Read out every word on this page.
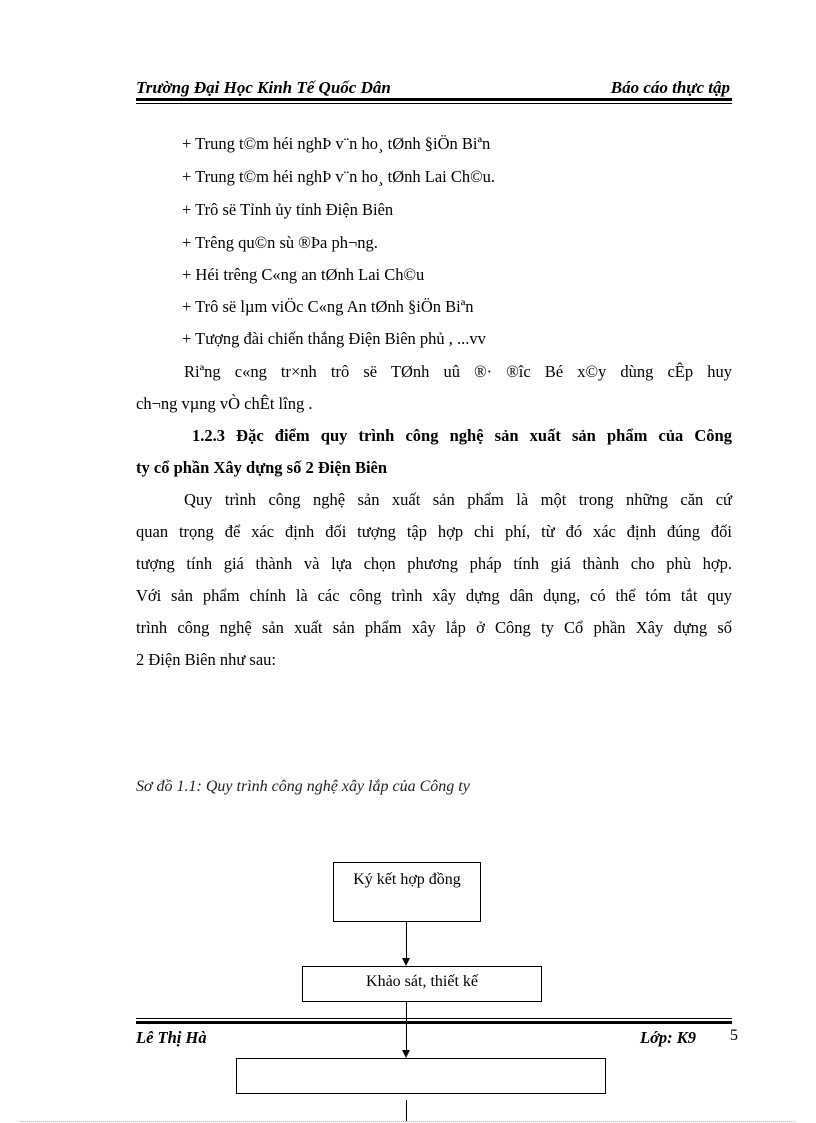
Trường Đại Học Kinh Tế Quốc Dân	Báo cáo thực tập
+ Trung t©m héi nghÞ v¨n ho¸ tØnh §iÖn Biªn
+ Trung t©m héi nghÞ v¨n ho¸ tØnh Lai Ch©u.
+ Trô së Tỉnh ủy tỉnh Điện Biên
+ Trêng qu©n sù ®Þa ph¬ng.
+ Héi trêng C«ng an tØnh Lai Ch©u
+ Trô së lµm viÖc C«ng An tØnh §iÖn Biªn
+ Tượng đài chiến thắng Điện Biên phủ , ...vv
Riªng c«ng tr×nh trô së TØnh uû ®· ®îc Bé x©y dùng cÊp huy
ch¬ng vµng vÒ chÊt lîng .
1.2.3 Đặc điểm quy trình công nghệ sản xuất sản phẩm của Công
ty cổ phần Xây dựng số 2 Điện Biên
Quy trình công nghệ sản xuất sản phẩm là một trong những căn cứ
quan trọng để xác định đối tượng tập hợp chi phí, từ đó xác định đúng đối
tượng tính giá thành và lựa chọn phương pháp tính giá thành cho phù hợp.
Với sản phẩm chính là các công trình xây dựng dân dụng, có thể tóm tắt quy
trình công nghệ sản xuất sản phẩm xây lắp ở Công ty Cổ phần Xây dựng số
2 Điện Biên như sau:
Sơ đồ 1.1: Quy trình công nghệ xây lắp của Công ty
Ký kết hợp đồng
Khảo sát, thiết kế
Lê Thị Hà	Lớp: K9 5
